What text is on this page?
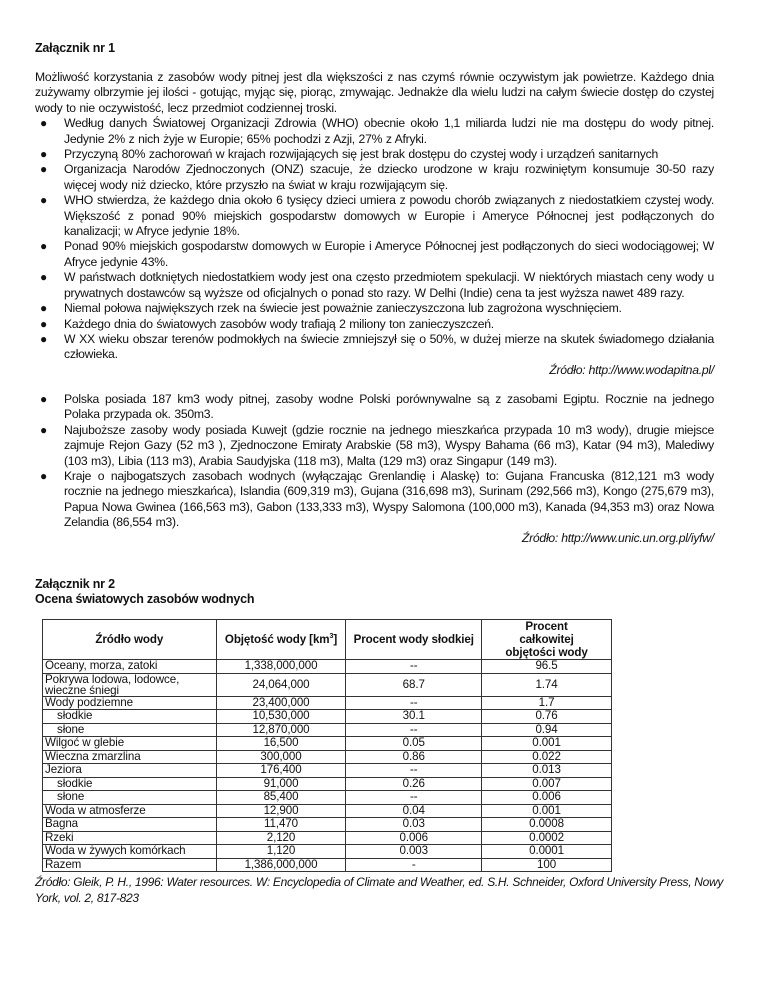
Załącznik nr 1
Możliwość korzystania z zasobów wody pitnej jest dla większości z nas czymś równie oczywistym jak powietrze. Każdego dnia zużywamy olbrzymie jej ilości - gotując, myjąc się, piorąc, zmywając. Jednakże dla wielu ludzi na całym świecie dostęp do czystej wody to nie oczywistość, lecz przedmiot codziennej troski.
● Według danych Światowej Organizacji Zdrowia (WHO) obecnie około 1,1 miliarda ludzi nie ma dostępu do wody pitnej. Jedynie 2% z nich żyje w Europie; 65% pochodzi z Azji, 27% z Afryki.
● Przyczyną 80% zachorowań w krajach rozwijających się jest brak dostępu do czystej wody i urządzeń sanitarnych
● Organizacja Narodów Zjednoczonych (ONZ) szacuje, że dziecko urodzone w kraju rozwiniętym konsumuje 30-50 razy więcej wody niż dziecko, które przyszło na świat w kraju rozwijającym się.
● WHO stwierdza, że każdego dnia około 6 tysięcy dzieci umiera z powodu chorób związanych z niedostatkiem czystej wody. Większość z ponad 90% miejskich gospodarstw domowych w Europie i Ameryce Północnej jest podłączonych do kanalizacji; w Afryce jedynie 18%.
● Ponad 90% miejskich gospodarstw domowych w Europie i Ameryce Północnej jest podłączonych do sieci wodociągowej; W Afryce jedynie 43%.
● W państwach dotkniętych niedostatkiem wody jest ona często przedmiotem spekulacji. W niektórych miastach ceny wody u prywatnych dostawców są wyższe od oficjalnych o ponad sto razy. W Delhi (Indie) cena ta jest wyższa nawet 489 razy.
● Niemal połowa największych rzek na świecie jest poważnie zanieczyszczona lub zagrożona wyschnięciem.
● Każdego dnia do światowych zasobów wody trafiają 2 miliony ton zanieczyszczeń.
● W XX wieku obszar terenów podmokłych na świecie zmniejszył się o 50%, w dużej mierze na skutek świadomego działania człowieka.
Źródło: http://www.wodapitna.pl/
● Polska posiada 187 km3 wody pitnej, zasoby wodne Polski porównywalne są z zasobami Egiptu. Rocznie na jednego Polaka przypada ok. 350m3.
● Najuboższe zasoby wody posiada Kuwejt (gdzie rocznie na jednego mieszkańca przypada 10 m3 wody), drugie miejsce zajmuje Rejon Gazy (52 m3 ), Zjednoczone Emiraty Arabskie (58 m3), Wyspy Bahama (66 m3), Katar (94 m3), Malediwy (103 m3), Libia (113 m3), Arabia Saudyjska (118 m3), Malta (129 m3) oraz Singapur (149 m3).
● Kraje o najbogatszych zasobach wodnych (wyłączając Grenlandię i Alaskę) to: Gujana Francuska (812,121 m3 wody rocznie na jednego mieszkańca), Islandia (609,319 m3), Gujana (316,698 m3), Surinam (292,566 m3), Kongo (275,679 m3), Papua Nowa Gwinea (166,563 m3), Gabon (133,333 m3), Wyspy Salomona (100,000 m3), Kanada (94,353 m3) oraz Nowa Zelandia (86,554 m3).
Źródło: http://www.unic.un.org.pl/iyfw/
Załącznik nr 2
Ocena światowych zasobów wodnych
Źródło wody	Objętość wody $[km^3]$	Procent wody słodkiej	Procent całkowitej objętości wody
Oceany, morza, zatoki	1,338,000,000	--	96.5
Pokrywa lodowa, lodowce, wieczne śniegi	24,064,000	68.7	1.74
Wody podziemne	23,400,000	--	1.7
słodkie	10,530,000	30.1	0.76
słone	12,870,000	--	0.94
Wilgoć w glebie	16,500	0.05	0.001
Wieczna zmarzlina	300,000	0.86	0.022
Jeziora	176,400	--	0.013
słodkie	91,000	0.26	0.007
słone	85,400	--	0.006
Woda w atmosferze	12,900	0.04	0.001
Bagna	11,470	0.03	0.0008
Rzeki	2,120	0.006	0.0002
Woda w żywych komórkach	1,120	0.003	0.0001
Razem	1,386,000,000	-	100
Źródło: Gleik, P. H., 1996: Water resources. W: Encyclopedia of Climate and Weather, ed. S.H. Schneider, Oxford University Press, Nowy York, vol. 2, 817-823
